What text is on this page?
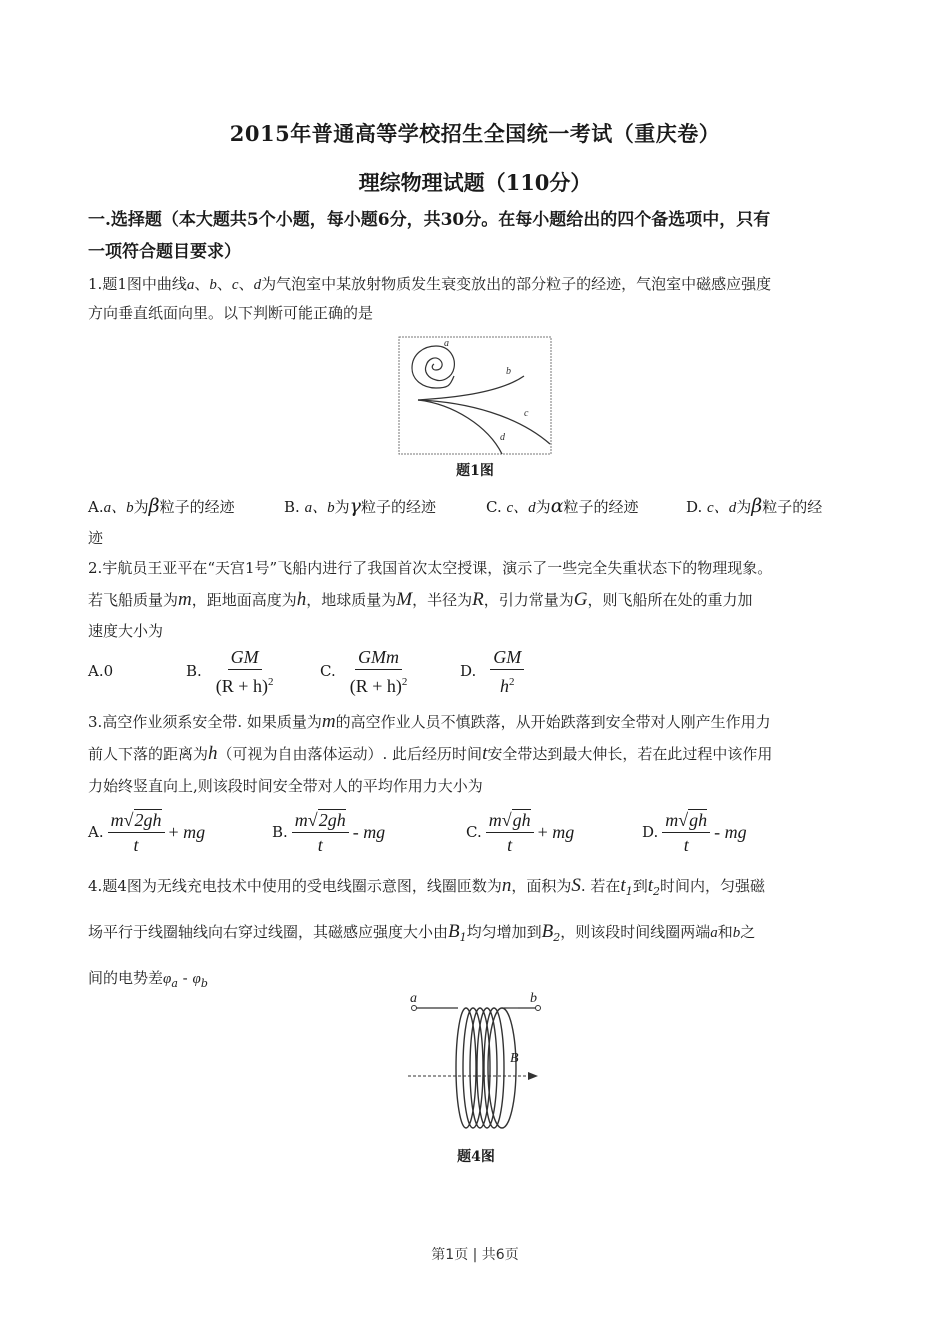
2015年普通高等学校招生全国统一考试（重庆卷）
理综物理试题（110分）
一.选择题（本大题共5个小题，每小题6分，共30分。在每小题给出的四个备选项中，只有
一项符合题目要求）
1.题1图中曲线a、b、c、d为气泡室中某放射物质发生衰变放出的部分粒子的经迹，气泡室中磁感应强度
方向垂直纸面向里。以下判断可能正确的是
a
b
c
d
题1图
A.a、b为β粒子的经迹	B. a、b为γ粒子的经迹	C. c、d为α粒子的经迹	D. c、d为β粒子的经
迹
2.宇航员王亚平在“天宫1号”飞船内进行了我国首次太空授课，演示了一些完全失重状态下的物理现象。
若飞船质量为m，距地面高度为h，地球质量为M，半径为R，引力常量为G，则飞船所在处的重力加
速度大小为
A.0	B. $\frac{GM}{(R + h)^2}$	C. $\frac{\text{GMm}}{(R + h)^2}$	D. $\frac{GM}{h^2}$
3.高空作业须系安全带. 如果质量为m的高空作业人员不慎跌落，从开始跌落到安全带对人刚产生作用力
前人下落的距离为h（可视为自由落体运动）. 此后经历时间t安全带达到最大伸长，若在此过程中该作用
力始终竖直向上,则该段时间安全带对人的平均作用力大小为
A. $\frac{m√2gh}{t}$ + mg	B. $\frac{m√2gh}{t}$ - mg	C. $\frac{m√gh}{t}$ + mg	D. $\frac{m√gh}{t}$ - mg
4.题4图为无线充电技术中使用的受电线圈示意图，线圈匝数为n，面积为S. 若在$t_1$到$t_2$时间内，匀强磁
场平行于线圈轴线向右穿过线圈，其磁感应强度大小由$B_1$均匀增加到$B_2$，则该段时间线圈两端a和b之
间的电势差$\varphi_a - \varphi_b$
B
a	b
题4图
第1页 | 共6页
